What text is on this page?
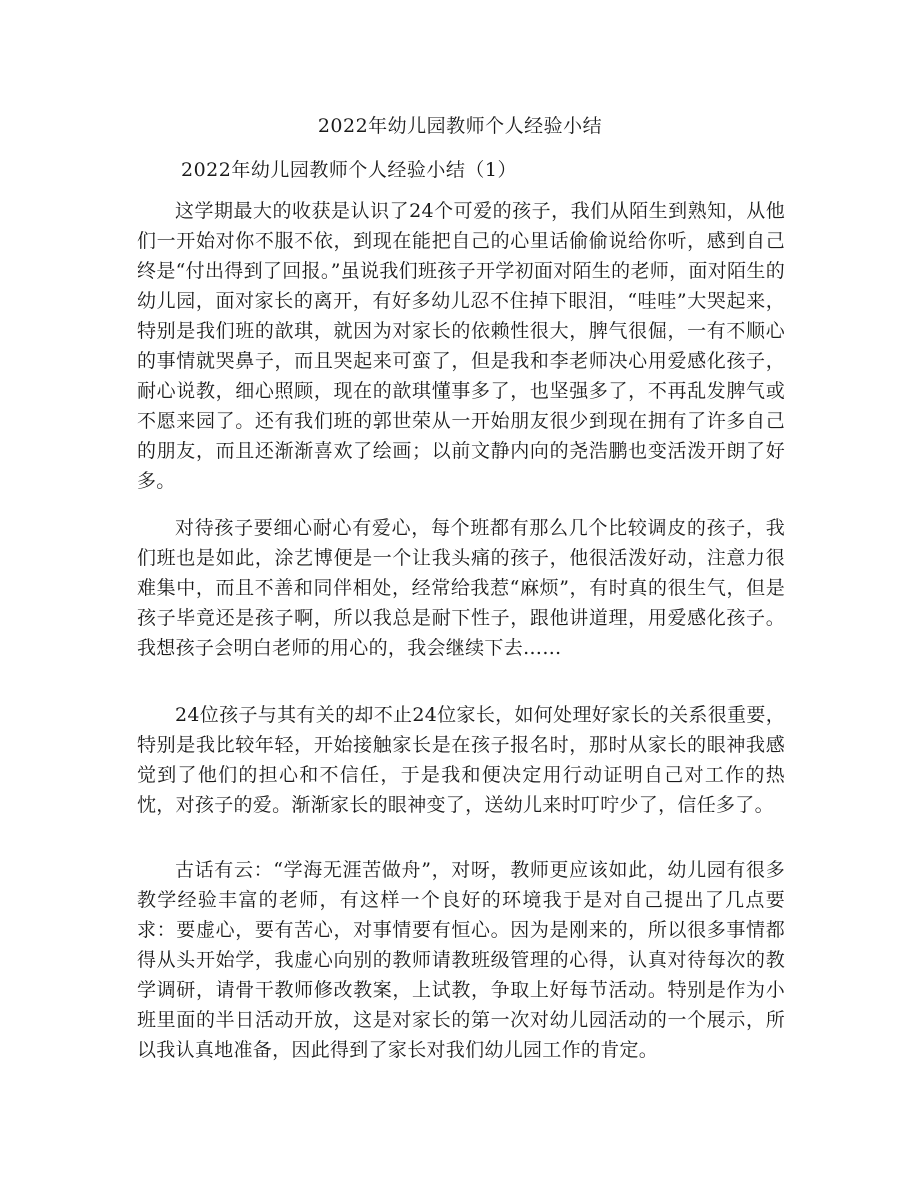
2022年幼儿园教师个人经验小结
2022年幼儿园教师个人经验小结（1）

这学期最大的收获是认识了24个可爱的孩子，我们从陌生到熟知，从他们一开始对你不服不依，到现在能把自己的心里话偷偷说给你听，感到自己终是“付出得到了回报。”虽说我们班孩子开学初面对陌生的老师，面对陌生的幼儿园，面对家长的离开，有好多幼儿忍不住掉下眼泪，“哇哇”大哭起来，特别是我们班的歆琪，就因为对家长的依赖性很大，脾气很倔，一有不顺心的事情就哭鼻子，而且哭起来可蛮了，但是我和李老师决心用爱感化孩子，耐心说教，细心照顾，现在的歆琪懂事多了，也坚强多了，不再乱发脾气或不愿来园了。还有我们班的郭世荣从一开始朋友很少到现在拥有了许多自己的朋友，而且还渐渐喜欢了绘画；以前文静内向的尧浩鹏也变活泼开朗了好多。

对待孩子要细心耐心有爱心，每个班都有那么几个比较调皮的孩子，我们班也是如此，涂艺博便是一个让我头痛的孩子，他很活泼好动，注意力很难集中，而且不善和同伴相处，经常给我惹“麻烦”，有时真的很生气，但是孩子毕竟还是孩子啊，所以我总是耐下性子，跟他讲道理，用爱感化孩子。我想孩子会明白老师的用心的，我会继续下去……

24位孩子与其有关的却不止24位家长，如何处理好家长的关系很重要，特别是我比较年轻，开始接触家长是在孩子报名时，那时从家长的眼神我感觉到了他们的担心和不信任，于是我和便决定用行动证明自己对工作的热忱，对孩子的爱。渐渐家长的眼神变了，送幼儿来时叮咛少了，信任多了。

古话有云：“学海无涯苦做舟”，对呀，教师更应该如此，幼儿园有很多教学经验丰富的老师，有这样一个良好的环境我于是对自己提出了几点要求：要虚心，要有苦心，对事情要有恒心。因为是刚来的，所以很多事情都得从头开始学，我虚心向别的教师请教班级管理的心得，认真对待每次的教学调研，请骨干教师修改教案，上试教，争取上好每节活动。特别是作为小班里面的半日活动开放，这是对家长的第一次对幼儿园活动的一个展示，所以我认真地准备，因此得到了家长对我们幼儿园工作的肯定。
